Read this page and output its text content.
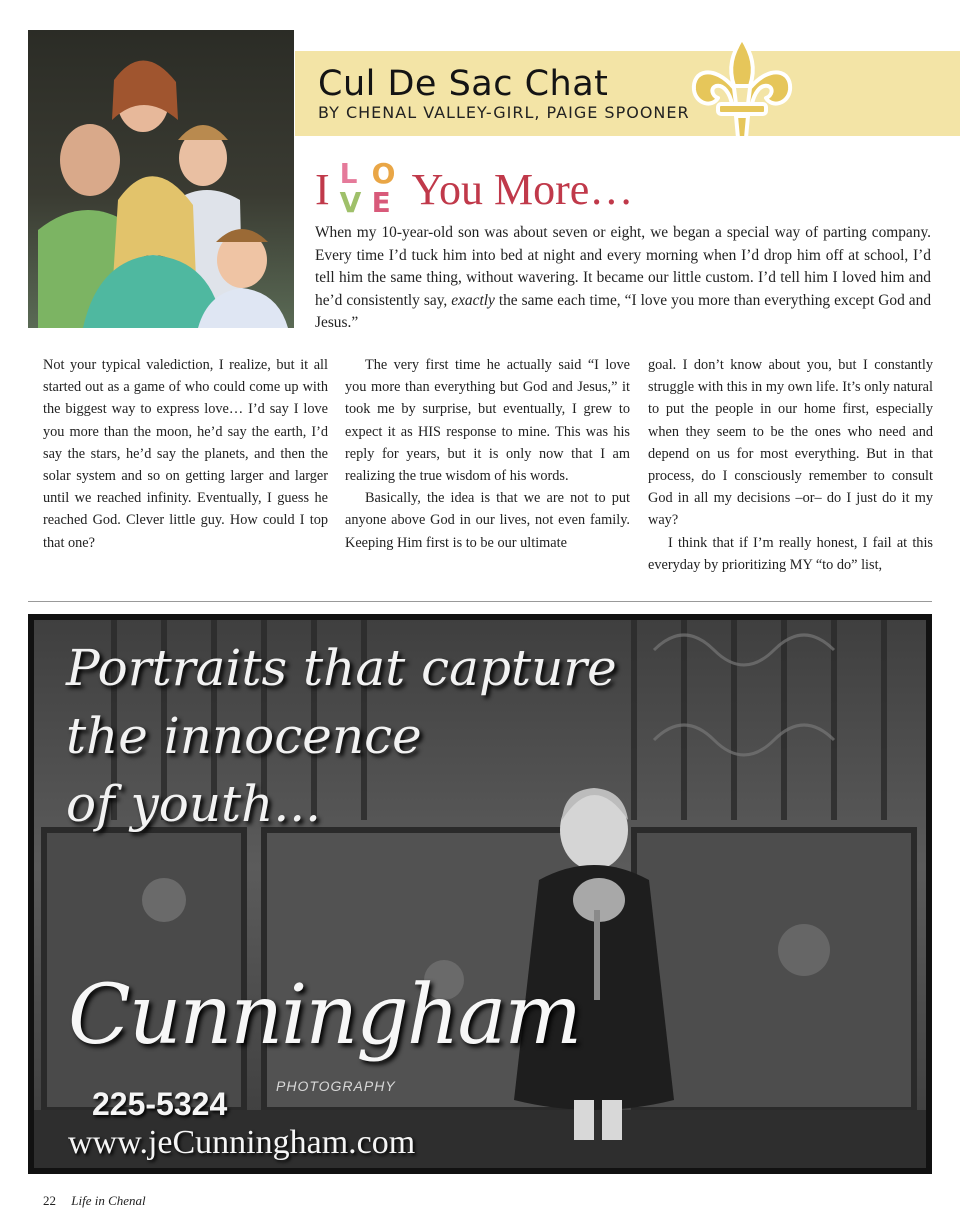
Cul De Sac Chat
BY CHENAL VALLEY-GIRL, PAIGE SPOONER
I L O
V E You More…

When my 10-year-old son was about seven or eight, we began a special way of parting company. Every time I’d tuck him into bed at night and every morning when I’d drop him off at school, I’d tell him the same thing, without wavering. It became our little custom. I’d tell him I loved him and he’d consistently say, exactly the same each time, “I love you more than everything except God and Jesus.”

Not your typical valediction, I realize, but it all started out as a game of who could come up with the biggest way to express love… I’d say I love you more than the moon, he’d say the earth, I’d say the stars, he’d say the planets, and then the solar system and so on getting larger and larger until we reached infinity. Eventually, I guess he reached God. Clever little guy. How could I top that one?

The very first time he actually said “I love you more than everything but God and Jesus,” it took me by surprise, but eventually, I grew to expect it as HIS response to mine. This was his reply for years, but it is only now that I am realizing the true wisdom of his words.

Basically, the idea is that we are not to put anyone above God in our lives, not even family. Keeping Him first is to be our ultimate

goal. I don’t know about you, but I constantly struggle with this in my own life. It’s only natural to put the people in our home first, especially when they seem to be the ones who need and depend on us for most everything. But in that process, do I consciously remember to consult God in all my decisions –or– do I just do it my way?

I think that if I’m really honest, I fail at this everyday by prioritizing MY “to do” list,

Portraits that capture
the innocence
of youth...
Cunningham
PHOTOGRAPHY
225-5324
www.jeCunningham.com
22 Life in Chenal
